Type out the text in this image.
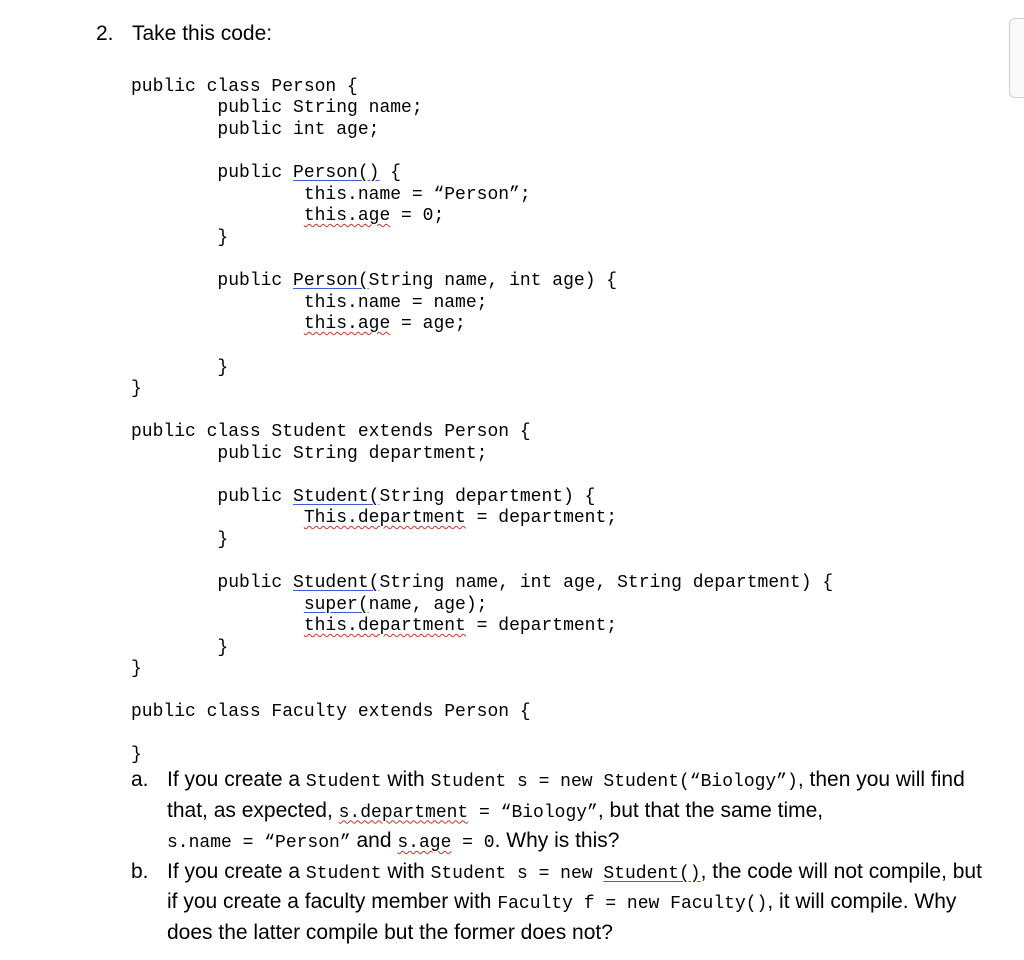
2. Take this code:

public class Person {

public String name;

public int age;

public Person() {

this.name = “Person”;

this.age = 0;

}

public Person(String name, int age) {

this.name = name;

this.age = age;

}

}

public class Student extends Person {

public String department;

public Student(String department) {

This.department = department;

}

public Student(String name, int age, String department) {

super(name, age);

this.department = department;

}

}

public class Faculty extends Person {

}

a. If you create a Student with Student s = new Student(“Biology”), then you will find that, as expected, s.department = “Biology”, but that the same time, s.name = “Person” and s.age = 0. Why is this?
b. If you create a Student with Student s = new Student(), the code will not compile, but if you create a faculty member with Faculty f = new Faculty(), it will compile. Why does the latter compile but the former does not?
